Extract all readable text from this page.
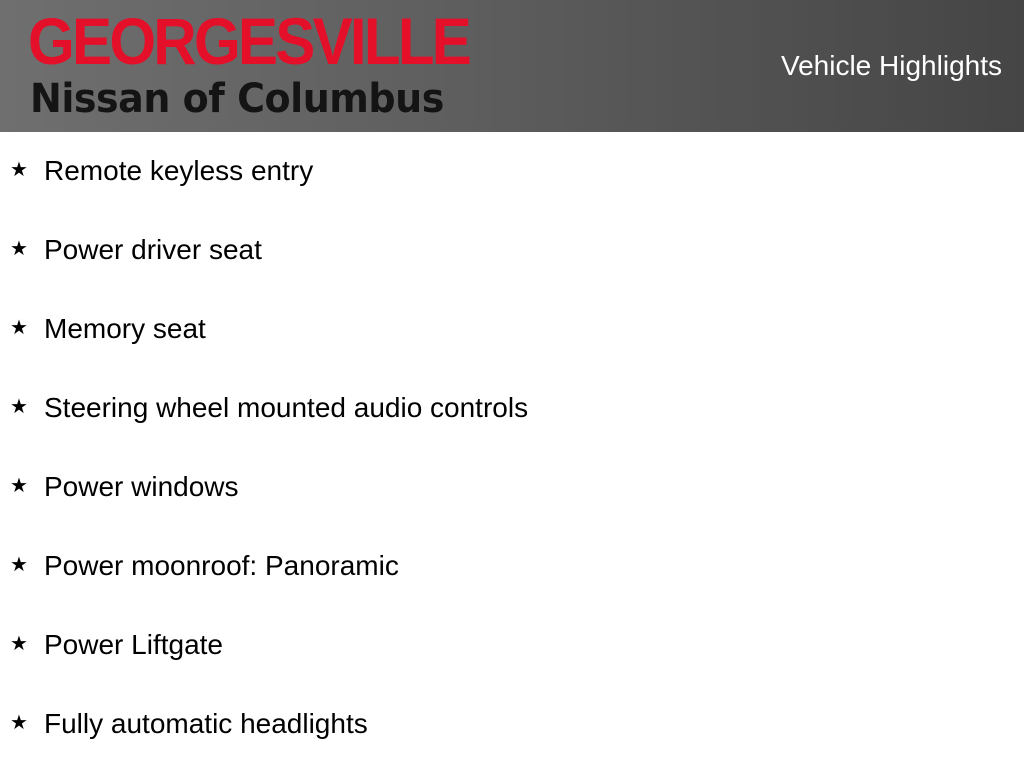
GEORGESVILLE
Nissan of Columbus
Vehicle Highlights
★ Remote keyless entry
★ Power driver seat
★ Memory seat
★ Steering wheel mounted audio controls
★ Power windows
★ Power moonroof: Panoramic
★ Power Liftgate
★ Fully automatic headlights
